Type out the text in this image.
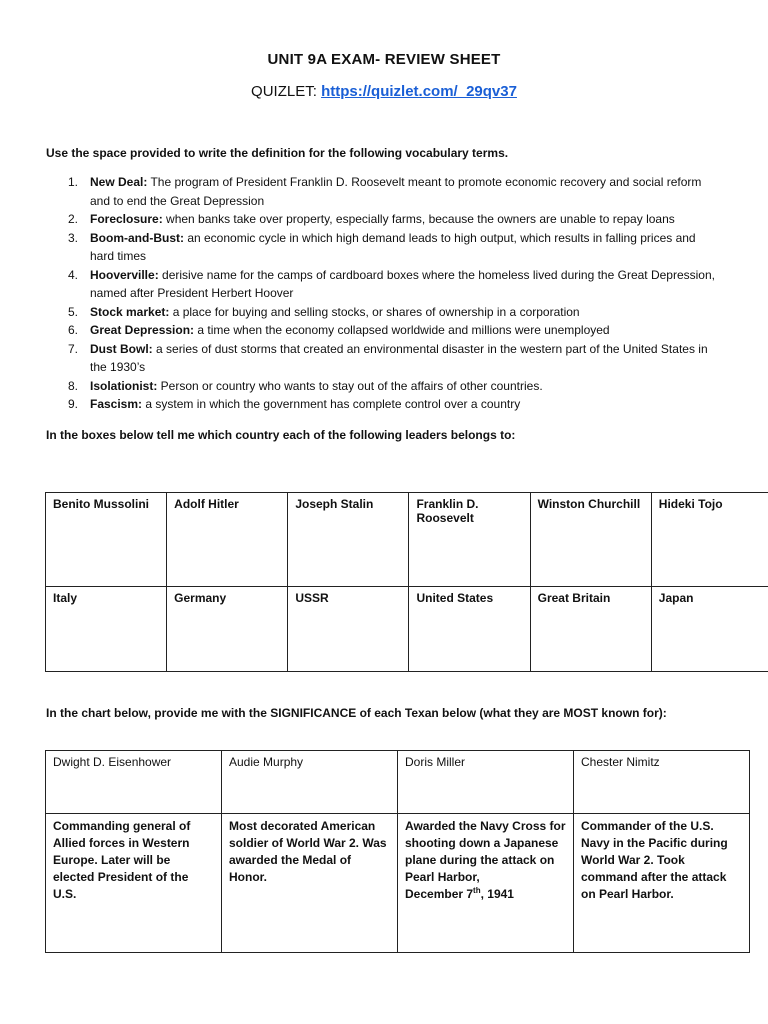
UNIT 9A EXAM- REVIEW SHEET
QUIZLET: https://quizlet.com/_29qv37
Use the space provided to write the definition for the following vocabulary terms.
1. New Deal: The program of President Franklin D. Roosevelt meant to promote economic recovery and social reform and to end the Great Depression
2. Foreclosure: when banks take over property, especially farms, because the owners are unable to repay loans
3. Boom-and-Bust: an economic cycle in which high demand leads to high output, which results in falling prices and hard times
4. Hooverville: derisive name for the camps of cardboard boxes where the homeless lived during the Great Depression, named after President Herbert Hoover
5. Stock market: a place for buying and selling stocks, or shares of ownership in a corporation
6. Great Depression: a time when the economy collapsed worldwide and millions were unemployed
7. Dust Bowl: a series of dust storms that created an environmental disaster in the western part of the United States in the 1930’s
8. Isolationist: Person or country who wants to stay out of the affairs of other countries.
9. Fascism: a system in which the government has complete control over a country
In the boxes below tell me which country each of the following leaders belongs to:
Benito Mussolini	Adolf Hitler	Joseph Stalin	Franklin D. Roosevelt	Winston Churchill	Hideki Tojo
Italy	Germany	USSR	United States	Great Britain	Japan
In the chart below, provide me with the SIGNIFICANCE of each Texan below (what they are MOST known for):
Dwight D. Eisenhower	Audie Murphy	Doris Miller	Chester Nimitz
Commanding general of Allied forces in Western Europe. Later will be elected President of the U.S.	Most decorated American soldier of World War 2. Was awarded the Medal of Honor.	Awarded the Navy Cross for shooting down a Japanese plane during the attack on Pearl Harbor,
December 7th, 1941	Commander of the U.S. Navy in the Pacific during World War 2. Took command after the attack on Pearl Harbor.
